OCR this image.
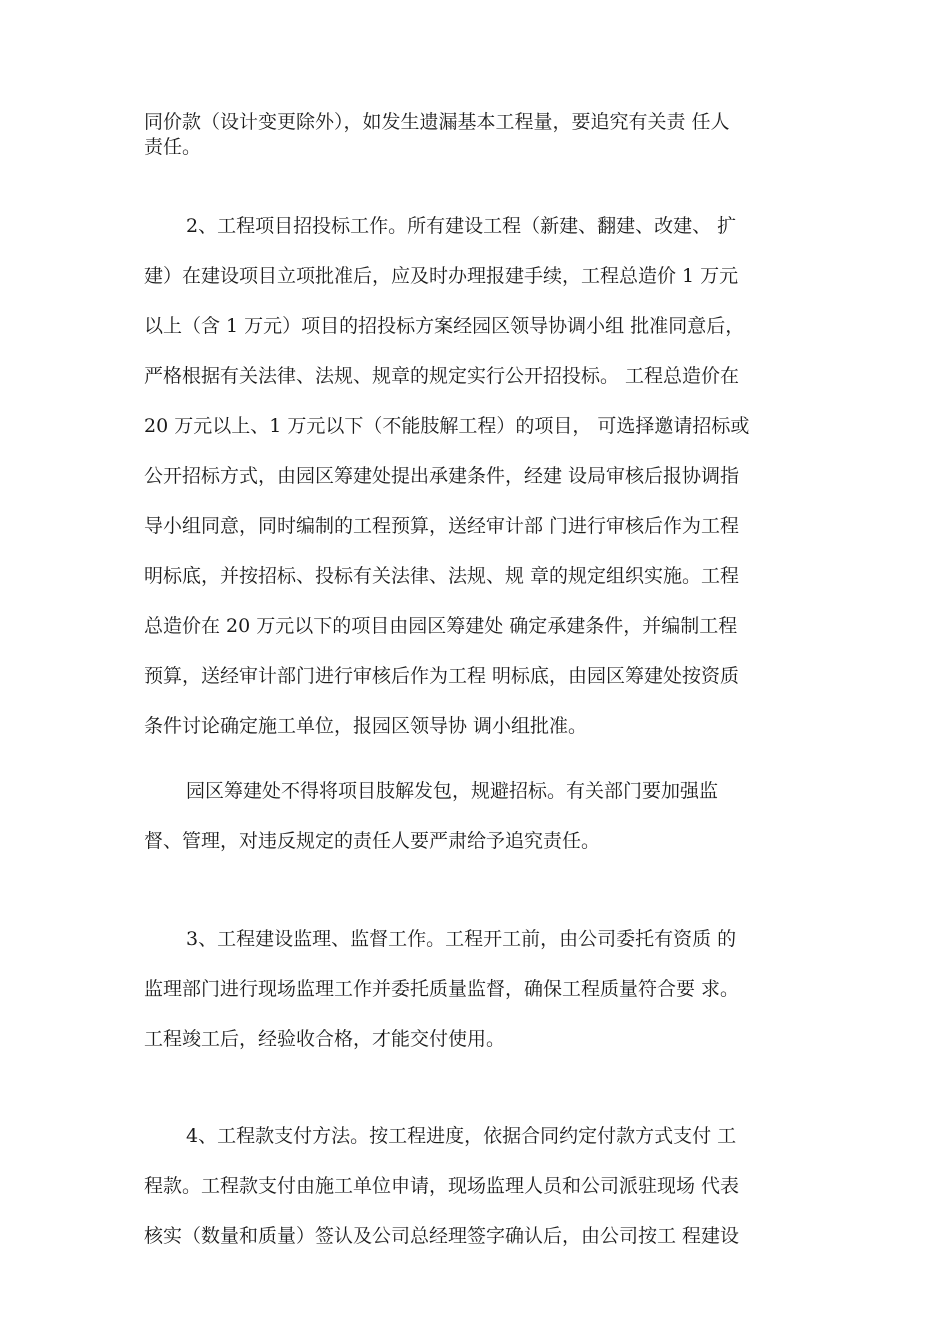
同价款（设计变更除外），如发生遗漏基本工程量，要追究有关责 任人
责任。

2、工程项目招投标工作。所有建设工程（新建、翻建、改建、 扩
建）在建设项目立项批准后，应及时办理报建手续，工程总造价 1 万元
以上（含 1 万元）项目的招投标方案经园区领导协调小组 批准同意后，
严格根据有关法律、法规、规章的规定实行公开招投标。 工程总造价在
20 万元以上、1 万元以下（不能肢解工程）的项目， 可选择邀请招标或
公开招标方式，由园区筹建处提出承建条件，经建 设局审核后报协调指
导小组同意，同时编制的工程预算，送经审计部 门进行审核后作为工程
明标底，并按招标、投标有关法律、法规、规 章的规定组织实施。工程
总造价在 20 万元以下的项目由园区筹建处 确定承建条件，并编制工程
预算，送经审计部门进行审核后作为工程 明标底，由园区筹建处按资质
条件讨论确定施工单位，报园区领导协 调小组批准。

园区筹建处不得将项目肢解发包，规避招标。有关部门要加强监
督、管理，对违反规定的责任人要严肃给予追究责任。

3、工程建设监理、监督工作。工程开工前，由公司委托有资质 的
监理部门进行现场监理工作并委托质量监督，确保工程质量符合要 求。
工程竣工后，经验收合格，才能交付使用。

4、工程款支付方法。按工程进度，依据合同约定付款方式支付 工
程款。工程款支付由施工单位申请，现场监理人员和公司派驻现场 代表
核实（数量和质量）签认及公司总经理签字确认后，由公司按工 程建设
